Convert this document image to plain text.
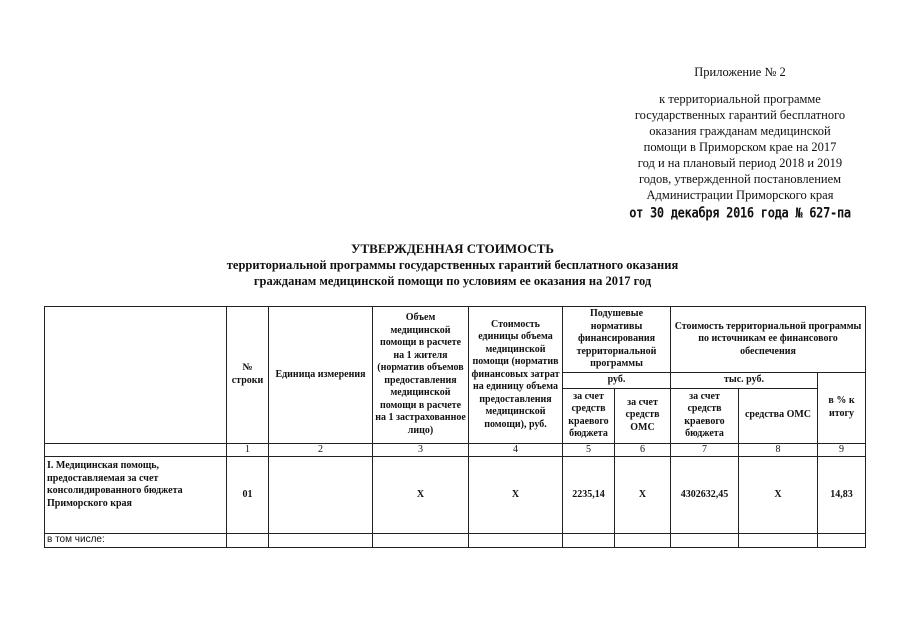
Приложение № 2
к территориальной программе
государственных гарантий бесплатного
оказания гражданам медицинской
помощи в Приморском крае на 2017
год и на плановый период 2018 и 2019
годов, утвержденной постановлением
Администрации Приморского края
от 30 декабря 2016 года № 627-па
УТВЕРЖДЕННАЯ СТОИМОСТЬ
территориальной программы государственных гарантий бесплатного оказания
гражданам медицинской помощи по условиям ее оказания на 2017 год
	№ строки	Единица измерения	Объем медицинской помощи в расчете на 1 жителя (норматив объемов предоставления медицинской помощи в расчете на 1 застрахованное лицо)	Стоимость единицы объема медицинской помощи (норматив финансовых затрат на единицу объема предоставления медицинской помощи), руб.	Подушевые нормативы финансирования территориальной программы		Стоимость территориальной программы по источникам ее финансового обеспечения		
					руб.		тыс. руб.		в % к итогу
					за счет средств краевого бюджета	за счет средств ОМС	за счет средств краевого бюджета	средства ОМС	
	1	2	3	4	5	6	7	8	9
I. Медицинская помощь, предоставляемая за счет консолидированного бюджета Приморского края	01		X	X	2235,14	X	4302632,45	X	14,83
в том числе:									
